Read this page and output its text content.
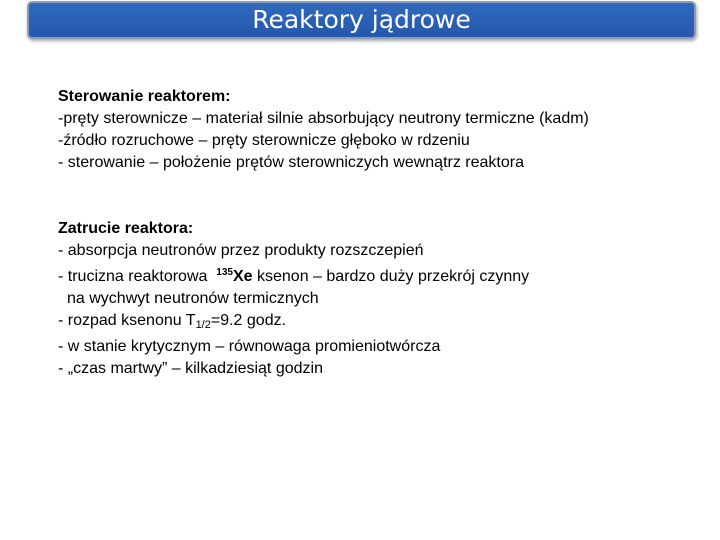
Reaktory jądrowe
Sterowanie reaktorem:
-pręty sterownicze – materiał silnie absorbujący neutrony termiczne (kadm)
-źródło rozruchowe – pręty sterownicze głęboko w rdzeniu
- sterowanie – położenie prętów sterowniczych wewnątrz reaktora
Zatrucie reaktora:
- absorpcja neutronów przez produkty rozszczepień
- trucizna reaktorowa  $^{135}$Xe ksenon – bardzo duży przekrój czynny
na wychwyt neutronów termicznych
- rozpad ksenonu $T_{1/2}=9.2$ godz.
- w stanie krytycznym – równowaga promieniotwórcza
- „czas martwy” – kilkadziesiąt godzin
